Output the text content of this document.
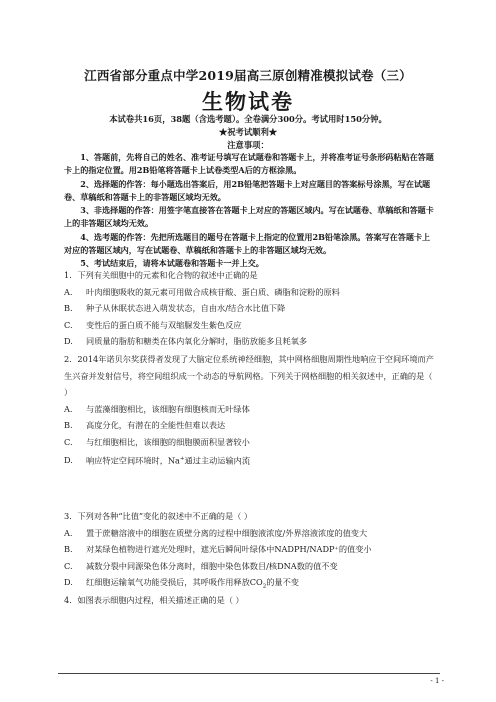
江西省部分重点中学2019届高三原创精准模拟试卷（三）
生物试卷
本试卷共16页，38题（含选考题）。全卷满分300分。考试用时150分钟。
★祝考试顺利★
注意事项：

1、答题前，先将自己的姓名、准考证号填写在试题卷和答题卡上，并将准考证号条形码粘贴在答题卡上的指定位置。用2B铅笔将答题卡上试卷类型A后的方框涂黑。

2、选择题的作答：每小题选出答案后，用2B铅笔把答题卡上对应题目的答案标号涂黑，写在试题卷、草稿纸和答题卡上的非答题区域均无效。

3、非选择题的作答：用签字笔直接答在答题卡上对应的答题区域内。写在试题卷、草稿纸和答题卡上的非答题区域均无效。

4、选考题的作答：先把所选题目的题号在答题卡上指定的位置用2B铅笔涂黑。答案写在答题卡上对应的答题区域内，写在试题卷、草稿纸和答题卡上的非答题区域均无效。

5、考试结束后，请将本试题卷和答题卡一并上交。

1．下列有关细胞中的元素和化合物的叙述中正确的是

A. 叶肉细胞吸收的氮元素可用做合成核苷酸、蛋白质、磷脂和淀粉的原料

B. 种子从休眠状态进入萌发状态，自由水/结合水比值下降

C. 变性后的蛋白质不能与双缩脲发生紫色反应

D. 同质量的脂肪和糖类在体内氧化分解时，脂肪放能多且耗氧多

2．2014年诺贝尔奖获得者发现了大脑定位系统神经细胞，其中网格细胞周期性地响应于空间环境而产生兴奋并发射信号，将空间组织成一个动态的导航网格。下列关于网格细胞的相关叙述中，正确的是（ ）

A. 与蓝藻细胞相比，该细胞有细胞核而无叶绿体

B. 高度分化，有潜在的全能性但难以表达

C. 与红细胞相比，该细胞的细胞膜面积显著较小

D. 响应特定空间环境时，Na+通过主动运输内流

3．下列对各种“比值”变化的叙述中不正确的是（ ）

A. 置于蔗糖溶液中的细胞在质壁分离的过程中细胞液浓度/外界溶液浓度的值变大

B. 对某绿色植物进行遮光处理时，遮光后瞬间叶绿体中NADPH/NADP⁺的值变小

C. 减数分裂中同源染色体分离时，细胞中染色体数目/核DNA数的值不变

D. 红细胞运输氧气功能受损后，其呼吸作用释放$CO_2$的量不变

4．如图表示细胞内过程，相关描述正确的是（ ）

- 1 -
